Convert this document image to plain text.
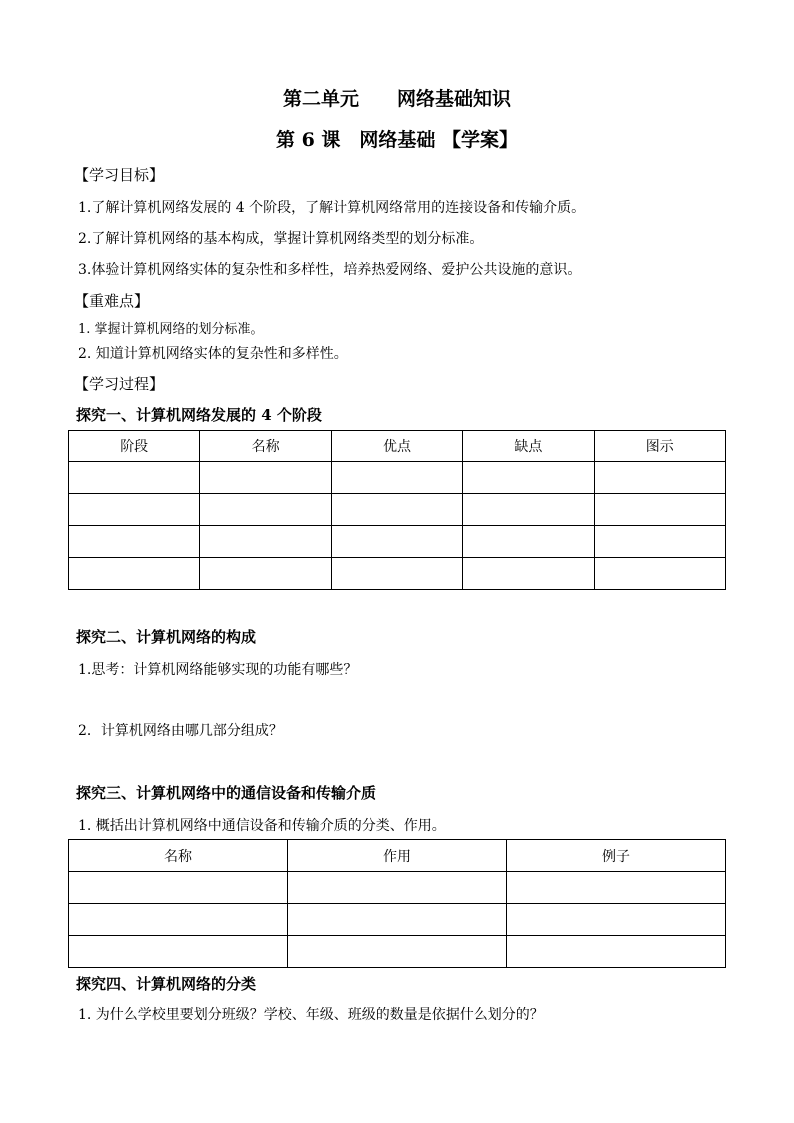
第二单元　　网络基础知识
第 6 课　网络基础 【学案】
【学习目标】
1.了解计算机网络发展的 4 个阶段，了解计算机网络常用的连接设备和传输介质。
2.了解计算机网络的基本构成，掌握计算机网络类型的划分标准。
3.体验计算机网络实体的复杂性和多样性，培养热爱网络、爱护公共设施的意识。
【重难点】
1. 掌握计算机网络的划分标准。
2. 知道计算机网络实体的复杂性和多样性。
【学习过程】
探究一、计算机网络发展的 4 个阶段
阶段	名称	优点	缺点	图示

探究二、计算机网络的构成
1.思考：计算机网络能够实现的功能有哪些？
2．计算机网络由哪几部分组成？
探究三、计算机网络中的通信设备和传输介质
1. 概括出计算机网络中通信设备和传输介质的分类、作用。
名称	作用	例子

探究四、计算机网络的分类
1. 为什么学校里要划分班级？学校、年级、班级的数量是依据什么划分的？
